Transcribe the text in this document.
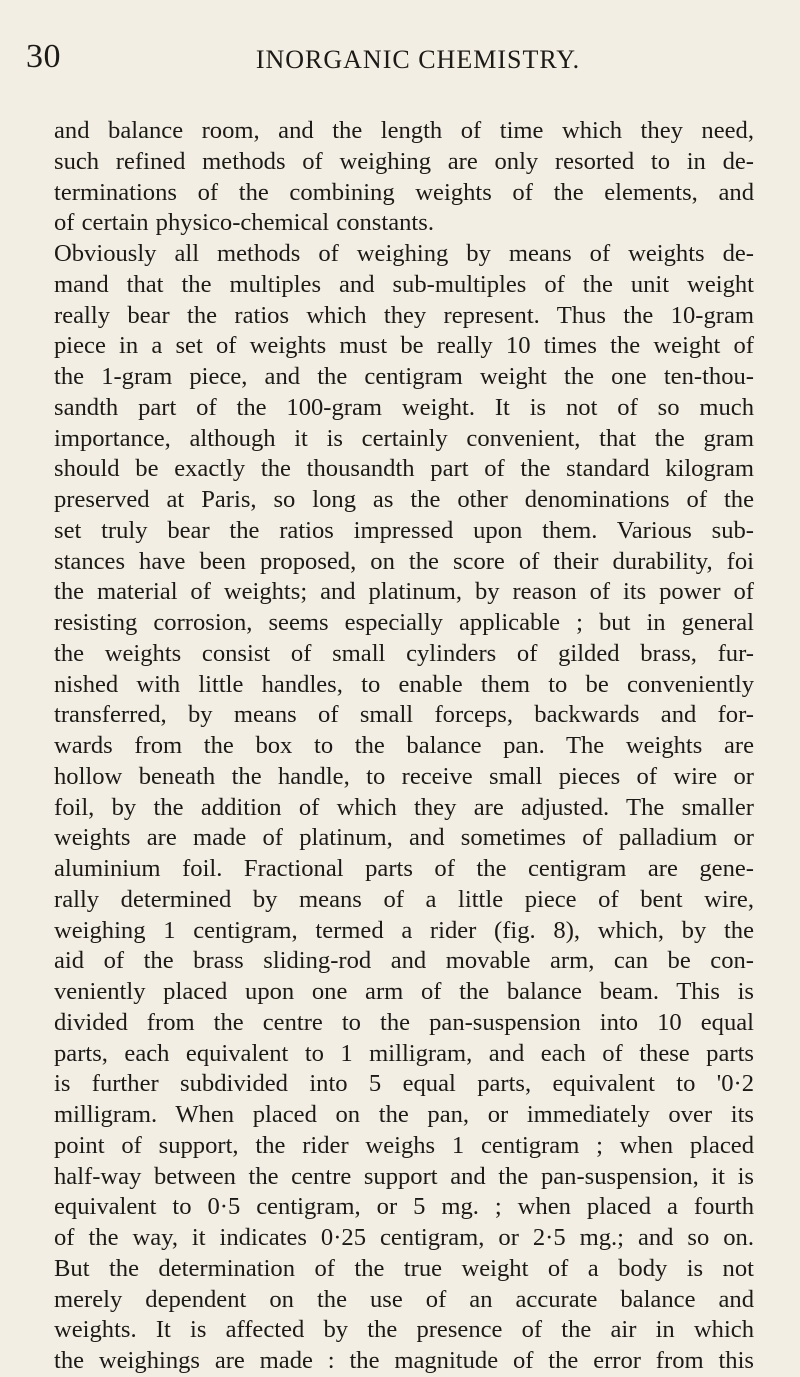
30	INORGANIC CHEMISTRY.
and balance room, and the length of time which they need,
such refined methods of weighing are only resorted to in de-
terminations of the combining weights of the elements, and
of certain physico-chemical constants.
Obviously all methods of weighing by means of weights de-
mand that the multiples and sub-multiples of the unit weight
really bear the ratios which they represent. Thus the 10-gram
piece in a set of weights must be really 10 times the weight of
the 1-gram piece, and the centigram weight the one ten-thou-
sandth part of the 100-gram weight. It is not of so much
importance, although it is certainly convenient, that the gram
should be exactly the thousandth part of the standard kilogram
preserved at Paris, so long as the other denominations of the
set truly bear the ratios impressed upon them. Various sub-
stances have been proposed, on the score of their durability, foi
the material of weights; and platinum, by reason of its power of
resisting corrosion, seems especially applicable ; but in general
the weights consist of small cylinders of gilded brass, fur-
nished with little handles, to enable them to be conveniently
transferred, by means of small forceps, backwards and for-
wards from the box to the balance pan. The weights are
hollow beneath the handle, to receive small pieces of wire or
foil, by the addition of which they are adjusted. The smaller
weights are made of platinum, and sometimes of palladium or
aluminium foil. Fractional parts of the centigram are gene-
rally determined by means of a little piece of bent wire,
weighing 1 centigram, termed a rider (fig. 8), which, by the
aid of the brass sliding-rod and movable arm, can be con-
veniently placed upon one arm of the balance beam. This is
divided from the centre to the pan-suspension into 10 equal
parts, each equivalent to 1 milligram, and each of these parts
is further subdivided into 5 equal parts, equivalent to '0·2
milligram. When placed on the pan, or immediately over its
point of support, the rider weighs 1 centigram ; when placed
half-way between the centre support and the pan-suspension, it is
equivalent to 0·5 centigram, or 5 mg. ; when placed a fourth
of the way, it indicates 0·25 centigram, or 2·5 mg.; and so on.
But the determination of the true weight of a body is not
merely dependent on the use of an accurate balance and
weights. It is affected by the presence of the air in which
the weighings are made : the magnitude of the error from this
